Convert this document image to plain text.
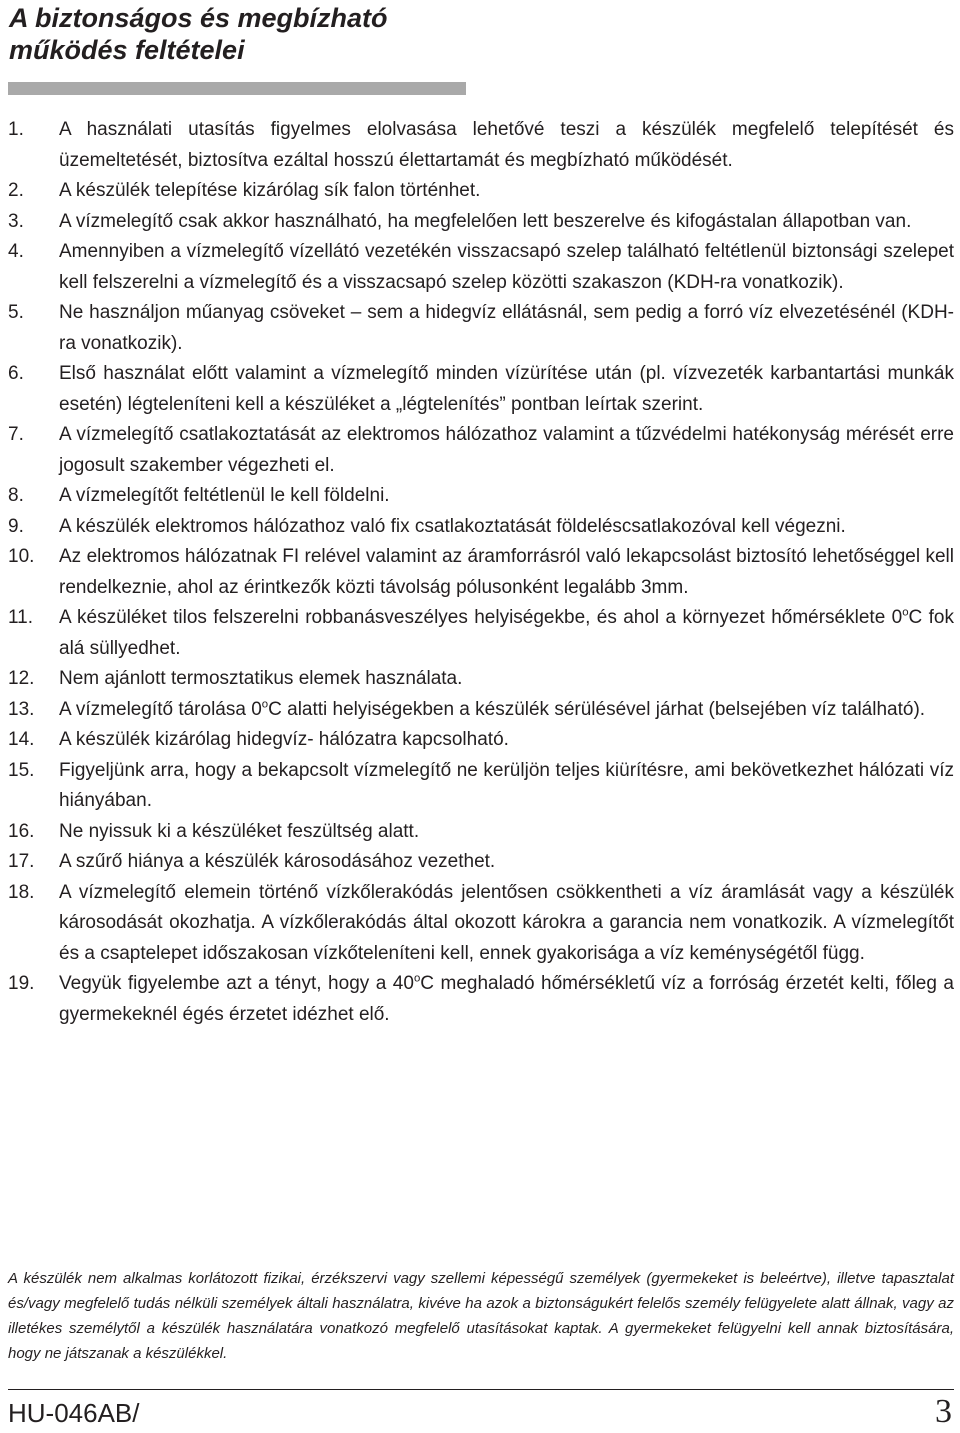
A biztonságos és megbízható
működés feltételei
1.	A használati utasítás figyelmes elolvasása lehetővé teszi a készülék megfelelő telepítését és üzemeltetését, biztosítva ezáltal hosszú élettartamát és megbízható működését.
2.	A készülék telepítése kizárólag sík falon történhet.
3.	A vízmelegítő csak akkor használható, ha megfelelően lett beszerelve és kifogástalan állapotban van.
4.	Amennyiben a vízmelegítő vízellátó vezetékén visszacsapó szelep található feltétlenül biztonsági szelepet kell felszerelni a vízmelegítő és a visszacsapó szelep közötti szakaszon (KDH-ra vonatkozik).
5.	Ne használjon műanyag csöveket – sem a hidegvíz ellátásnál, sem pedig a forró víz elvezetésénél (KDH-ra vonatkozik).
6.	Első használat előtt valamint a vízmelegítő minden vízürítése után (pl. vízvezeték karbantartási munkák esetén) légteleníteni kell a készüléket a „légtelenítés” pontban leírtak szerint.
7.	A vízmelegítő csatlakoztatását az elektromos hálózathoz valamint a tűzvédelmi hatékonyság mérését erre jogosult szakember végezheti el.
8.	A vízmelegítőt feltétlenül le kell földelni.
9.	A készülék elektromos hálózathoz való fix csatlakoztatását földeléscsatlakozóval kell végezni.
10.	Az elektromos hálózatnak FI relével valamint az áramforrásról való lekapcsolást biztosító lehetőséggel kell rendelkeznie, ahol az érintkezők közti távolság pólusonként legalább 3mm.
11.	A készüléket tilos felszerelni robbanásveszélyes helyiségekbe, és ahol a környezet hőmérséklete 0$^o$C fok alá süllyedhet.
12.	Nem ajánlott termosztatikus elemek használata.
13.	A vízmelegítő tárolása 0$^o$C alatti helyiségekben a készülék sérülésével járhat (belsejében víz található).
14.	A készülék kizárólag hidegvíz- hálózatra kapcsolható.
15.	Figyeljünk arra, hogy a bekapcsolt vízmelegítő ne kerüljön teljes kiürítésre, ami bekövetkezhet hálózati víz hiányában.
16.	Ne nyissuk ki a készüléket feszültség alatt.
17.	A szűrő hiánya a készülék károsodásához vezethet.
18.	A vízmelegítő elemein történő vízkőlerakódás jelentősen csökkentheti a víz áramlását vagy a készülék károsodását okozhatja. A vízkőlerakódás által okozott károkra a garancia nem vonatkozik. A vízmelegítőt és a csaptelepet időszakosan vízkőteleníteni kell, ennek gyakorisága a víz keménységétől függ.
19.	Vegyük figyelembe azt a tényt, hogy a 40$^o$C meghaladó hőmérsékletű víz a forróság érzetét kelti, főleg a gyermekeknél égés érzetet idézhet elő.
A készülék nem alkalmas korlátozott fizikai, érzékszervi vagy szellemi képességű személyek (gyermekeket is beleértve), illetve tapasztalat és/vagy megfelelő tudás nélküli személyek általi használatra, kivéve ha azok a biztonságukért felelős személy felügyelete alatt állnak, vagy az illetékes személytől a készülék használatára vonatkozó megfelelő utasításokat kaptak. A gyermekeket felügyelni kell annak biztosítására, hogy ne játszanak a készülékkel.
HU-046AB/	3
